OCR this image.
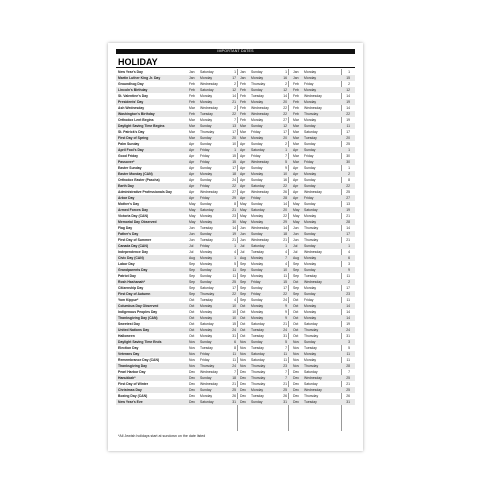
IMPORTANT DATES
HOLIDAY
New Year's Day	Jan Saturday	1 Jan Sunday	1 Jan Monday	1
Martin Luther King Jr. Day	Jan Monday	17 Jan Monday	16 Jan Monday	15
Groundhog Day	Feb Wednesday	2 Feb Thursday	2 Feb Friday	2
Lincoln's Birthday	Feb Saturday	12 Feb Sunday	12 Feb Monday	12
St. Valentine's Day	Feb Monday	14 Feb Tuesday	14 Feb Wednesday	14
Presidents' Day	Feb Monday	21 Feb Monday	20 Feb Monday	19
Ash Wednesday	Mar Wednesday	2 Feb Wednesday	22 Feb Wednesday	14
Washington's Birthday	Feb Tuesday	22 Feb Wednesday	22 Feb Thursday	22
Orthodox Lent Begins	Mar Monday	7 Feb Monday	27 Mar Monday	19
Daylight Saving Time Begins	Mar Sunday	13 Mar Sunday	12 Mar Sunday	11
St. Patrick's Day	Mar Thursday	17 Mar Friday	17 Mar Saturday	17
First Day of Spring	Mar Sunday	20 Mar Monday	20 Mar Tuesday	20
Palm Sunday	Apr Sunday	10 Apr Sunday	2 Mar Sunday	25
April Fool's Day	Apr Friday	1 Apr Saturday	1 Apr Sunday	1
Good Friday	Apr Friday	15 Apr Friday	7 Mar Friday	30
Passover*	Apr Friday	15 Apr Wednesday	5 Mar Friday	30
Easter Sunday	Apr Sunday	17 Apr Sunday	9 Apr Sunday	1
Easter Monday (CAN)	Apr Monday	18 Apr Monday	10 Apr Monday	2
Orthodox Easter (Pascha)	Apr Sunday	24 Apr Sunday	16 Apr Sunday	8
Earth Day	Apr Friday	22 Apr Saturday	22 Apr Sunday	22
Administrative Professionals Day	Apr Wednesday	27 Apr Wednesday	26 Apr Wednesday	25
Arbor Day	Apr Friday	29 Apr Friday	28 Apr Friday	27
Mother's Day	May Sunday	8 May Sunday	14 May Sunday	13
Armed Forces Day	May Saturday	21 May Saturday	20 May Saturday	19
Victoria Day (CAN)	May Monday	23 May Monday	22 May Monday	21
Memorial Day Observed	May Monday	30 May Monday	29 May Monday	28
Flag Day	Jun Tuesday	14 Jun Wednesday	14 Jun Thursday	14
Father's Day	Jun Sunday	19 Jun Sunday	18 Jun Sunday	17
First Day of Summer	Jun Tuesday	21 Jun Wednesday	21 Jun Thursday	21
Canada Day (CAN)	Jul Friday	1 Jul Saturday	1 Jul Sunday	1
Independence Day	Jul Monday	4 Jul Tuesday	4 Jul Wednesday	4
Civic Day (CAN)	Aug Monday	1 Aug Monday	7 Aug Monday	6
Labor Day	Sep Monday	5 Sep Monday	4 Sep Monday	3
Grandparents Day	Sep Sunday	11 Sep Sunday	10 Sep Sunday	9
Patriot Day	Sep Sunday	11 Sep Monday	11 Sep Tuesday	11
Rosh Hashanah*	Sep Sunday	25 Sep Friday	15 Oct Wednesday	2
Citizenship Day	Sep Saturday	17 Sep Sunday	17 Sep Monday	17
First Day of Autumn	Sep Thursday	22 Sep Friday	22 Sep Sunday	23
Yom Kippur*	Oct Tuesday	4 Sep Sunday	24 Oct Friday	11
Columbus Day Observed	Oct Monday	10 Oct Monday	9 Oct Monday	14
Indigenous Peoples Day	Oct Monday	10 Oct Monday	9 Oct Monday	14
Thanksgiving Day (CAN)	Oct Monday	10 Oct Monday	9 Oct Monday	14
Sweetest Day	Oct Saturday	15 Oct Saturday	21 Oct Saturday	19
United Nations Day	Oct Monday	24 Oct Tuesday	24 Oct Thursday	24
Halloween	Oct Monday	31 Oct Tuesday	31 Oct Thursday	31
Daylight Saving Time Ends	Nov Sunday	6 Nov Sunday	5 Nov Sunday	3
Election Day	Nov Tuesday	8 Nov Tuesday	7 Nov Tuesday	5
Veterans Day	Nov Friday	11 Nov Saturday	11 Nov Monday	11
Remembrance Day (CAN)	Nov Friday	11 Nov Saturday	11 Nov Monday	11
Thanksgiving Day	Nov Thursday	24 Nov Thursday	23 Nov Thursday	28
Pearl Harbor Day	Dec Wednesday	7 Dec Thursday	7 Dec Saturday	7
Hanukkah*	Dec Sunday	18 Dec Thursday	7 Dec Wednesday	25
First Day of Winter	Dec Wednesday	21 Dec Thursday	21 Dec Saturday	21
Christmas Day	Dec Sunday	25 Dec Monday	25 Dec Wednesday	25
Boxing Day (CAN)	Dec Monday	26 Dec Tuesday	26 Dec Thursday	26
New Year's Eve	Dec Saturday	31 Dec Sunday	31 Dec Tuesday	31
*All Jewish holidays start at sundown on the date listed
